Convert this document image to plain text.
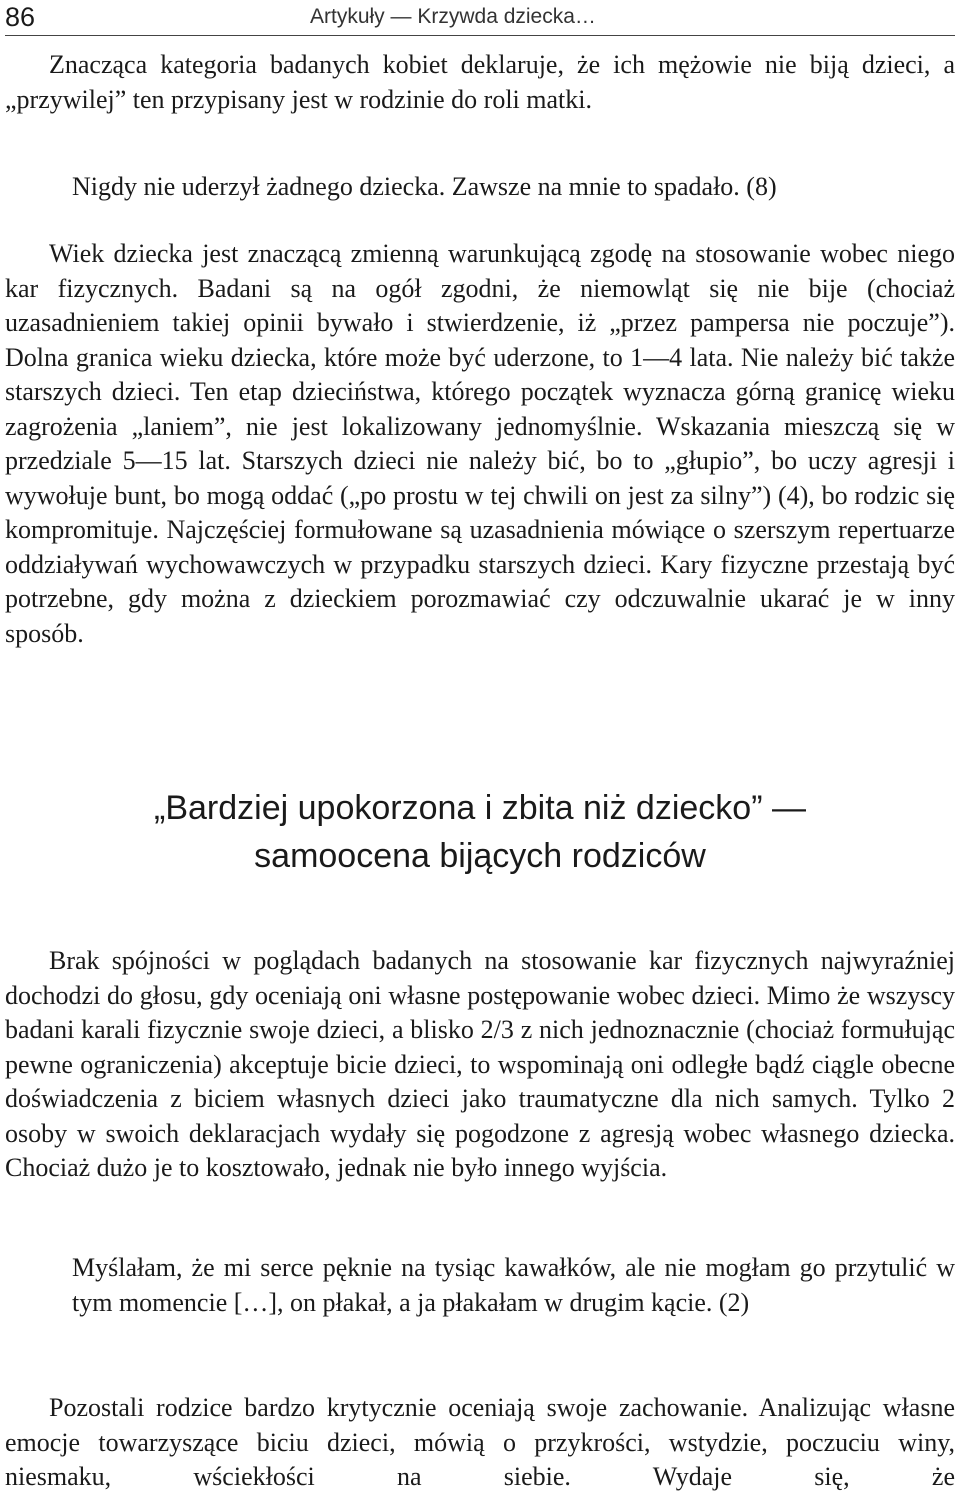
86	Artykuły — Krzywda dziecka…

Znacząca kategoria badanych kobiet deklaruje, że ich mężowie nie biją dzieci, a „przywilej” ten przypisany jest w rodzinie do roli matki.

Nigdy nie uderzył żadnego dziecka. Zawsze na mnie to spadało. (8)

Wiek dziecka jest znaczącą zmienną warunkującą zgodę na stosowanie wobec niego kar fizycznych. Badani są na ogół zgodni, że niemowląt się nie bije (chociaż uzasadnieniem takiej opinii bywało i stwierdzenie, iż „przez pampersa nie poczuje”). Dolna granica wieku dziecka, które może być uderzone, to 1—4 lata. Nie należy bić także starszych dzieci. Ten etap dzieciństwa, którego początek wyznacza górną granicę wieku zagrożenia „laniem”, nie jest lokalizowany jednomyślnie. Wskazania mieszczą się w przedziale 5—15 lat. Starszych dzieci nie należy bić, bo to „głupio”, bo uczy agresji i wywołuje bunt, bo mogą oddać („po prostu w tej chwili on jest za silny”) (4), bo rodzic się kompromituje. Najczęściej formułowane są uzasadnienia mówiące o szerszym repertuarze oddziaływań wychowawczych w przypadku starszych dzieci. Kary fizyczne przestają być potrzebne, gdy można z dzieckiem porozmawiać czy odczuwalnie ukarać je w inny sposób.

„Bardziej upokorzona i zbita niż dziecko” —
samoocena bijących rodziców

Brak spójności w poglądach badanych na stosowanie kar fizycznych najwyraźniej dochodzi do głosu, gdy oceniają oni własne postępowanie wobec dzieci. Mimo że wszyscy badani karali fizycznie swoje dzieci, a blisko 2/3 z nich jednoznacznie (chociaż formułując pewne ograniczenia) akceptuje bicie dzieci, to wspominają oni odległe bądź ciągle obecne doświadczenia z biciem własnych dzieci jako traumatyczne dla nich samych. Tylko 2 osoby w swoich deklaracjach wydały się pogodzone z agresją wobec własnego dziecka. Chociaż dużo je to kosztowało, jednak nie było innego wyjścia.

Myślałam, że mi serce pęknie na tysiąc kawałków, ale nie mogłam go przytulić w tym momencie […], on płakał, a ja płakałam w drugim kącie. (2)

Pozostali rodzice bardzo krytycznie oceniają swoje zachowanie. Analizując własne emocje towarzyszące biciu dzieci, mówią o przykrości, wstydzie, poczuciu winy, niesmaku, wściekłości na siebie. Wydaje się, że
